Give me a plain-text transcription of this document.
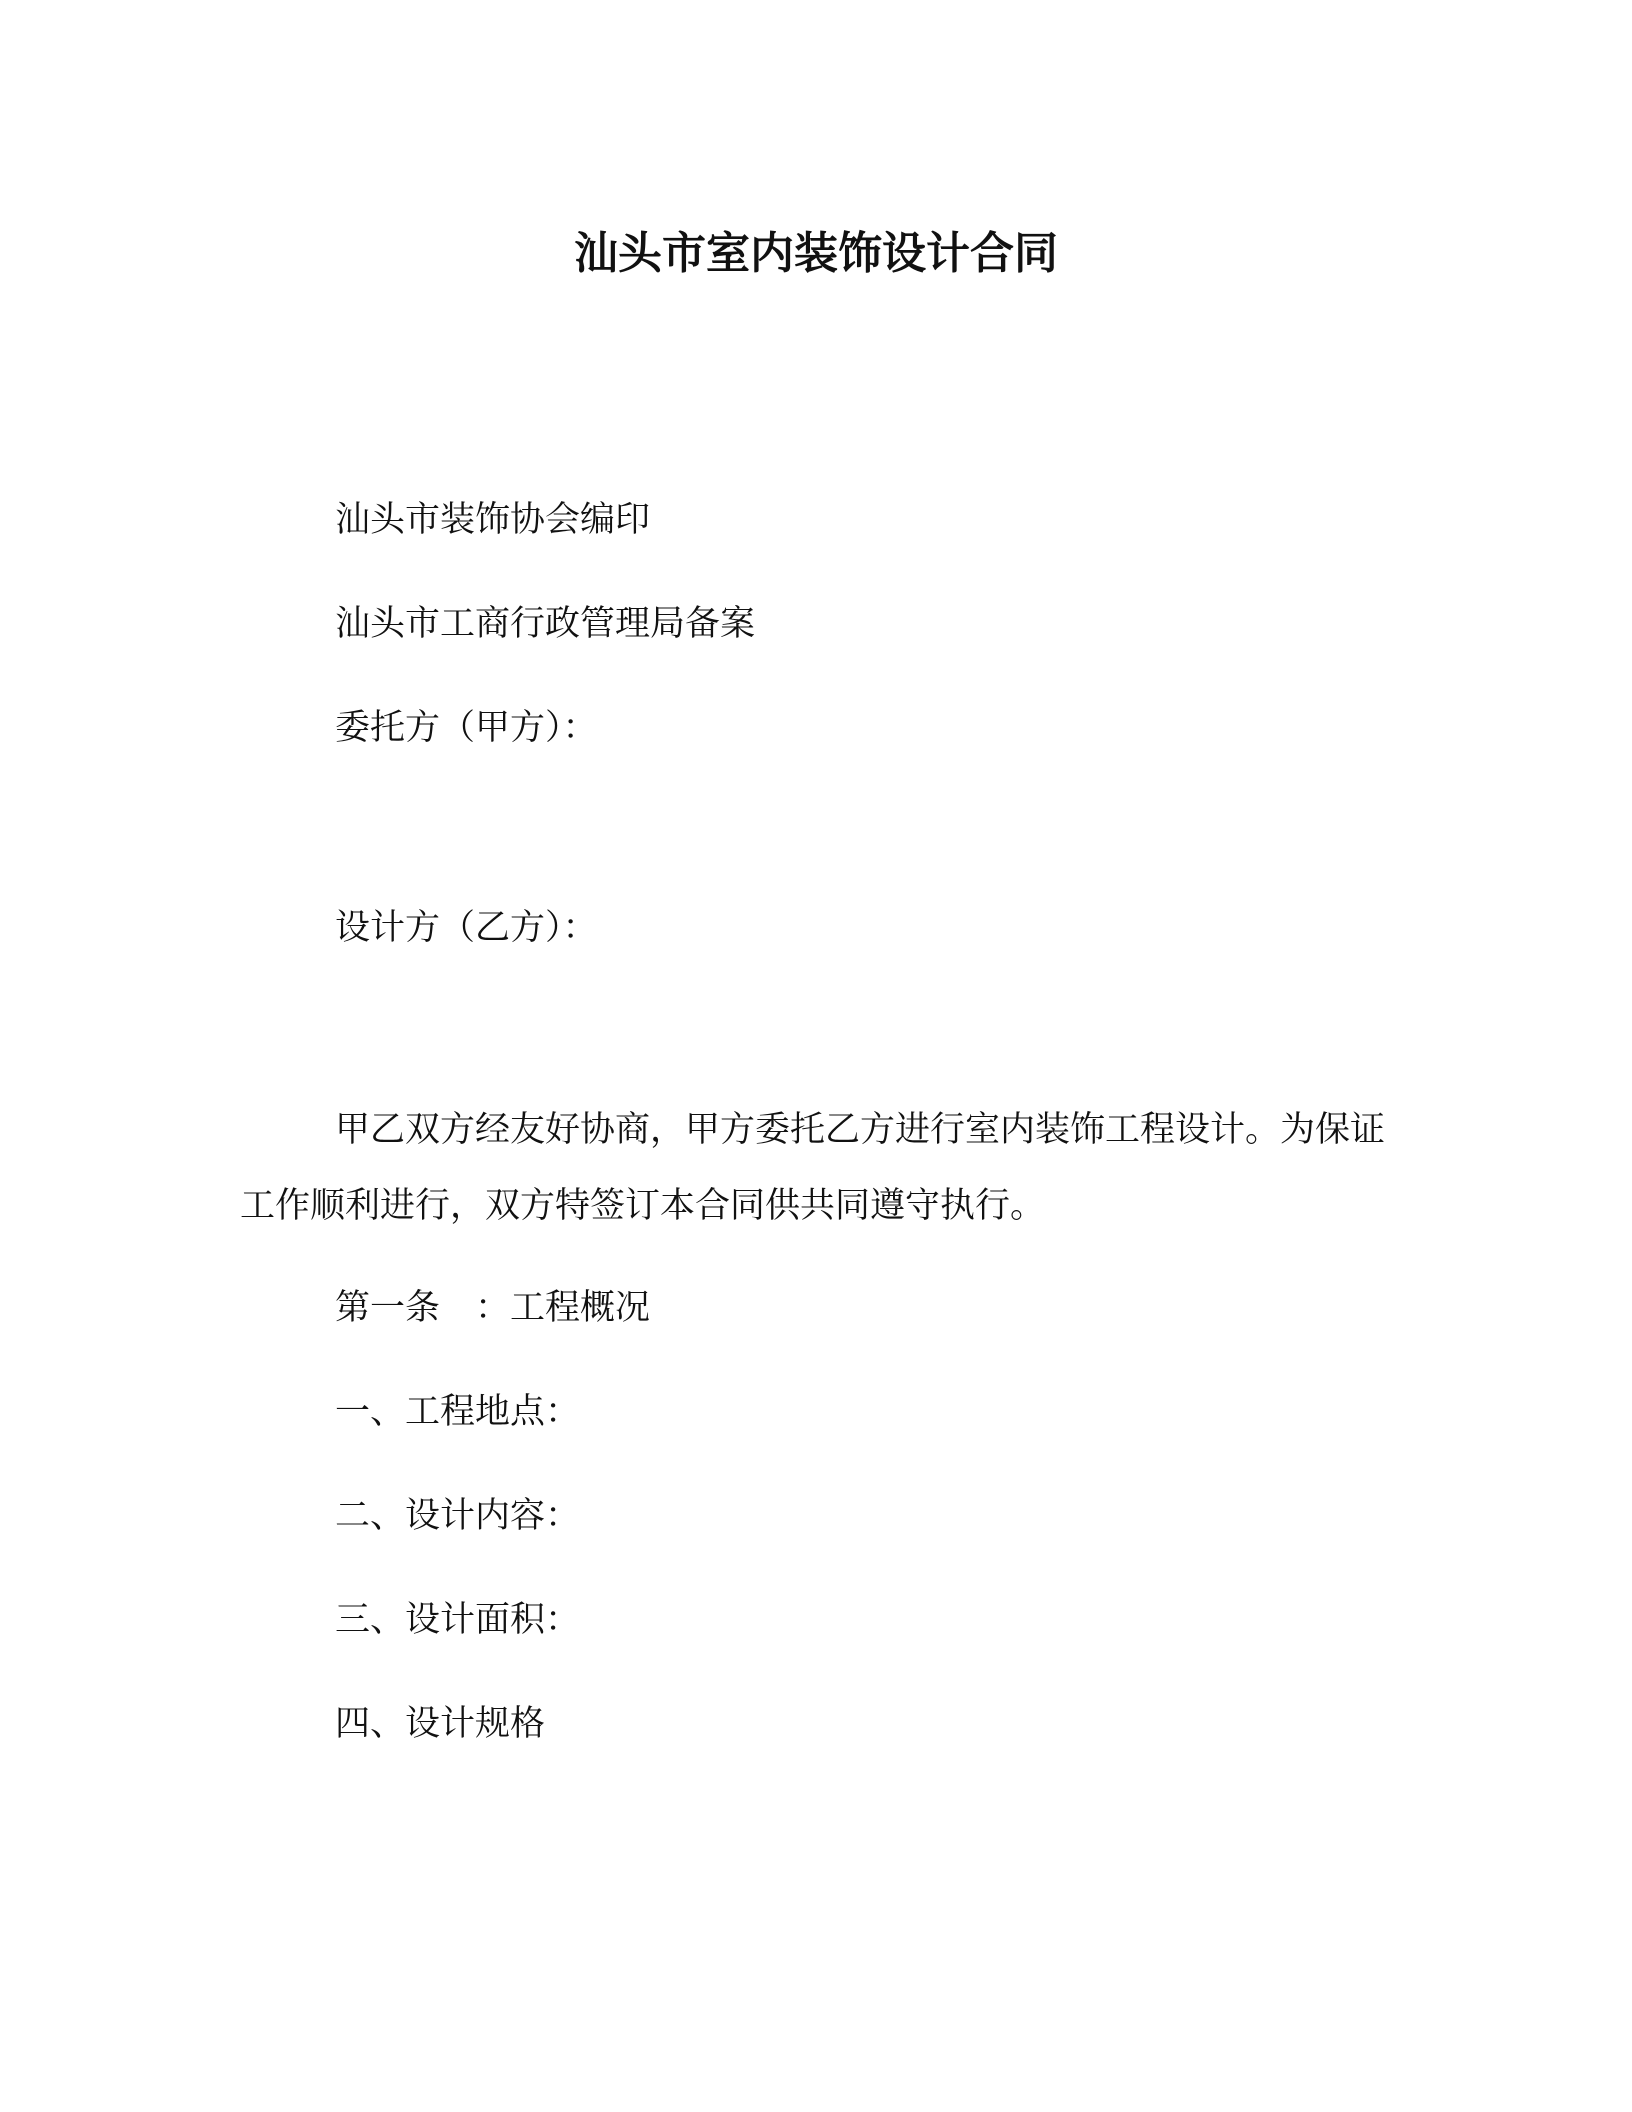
汕头市室内装饰设计合同
汕头市装饰协会编印
汕头市工商行政管理局备案
委托方（甲方）：
设计方（乙方）：
甲乙双方经友好协商，甲方委托乙方进行室内装饰工程设计。为保证工作顺利进行，双方特签订本合同供共同遵守执行。
第一条　：工程概况
一、工程地点：
二、设计内容：
三、设计面积：
四、设计规格
